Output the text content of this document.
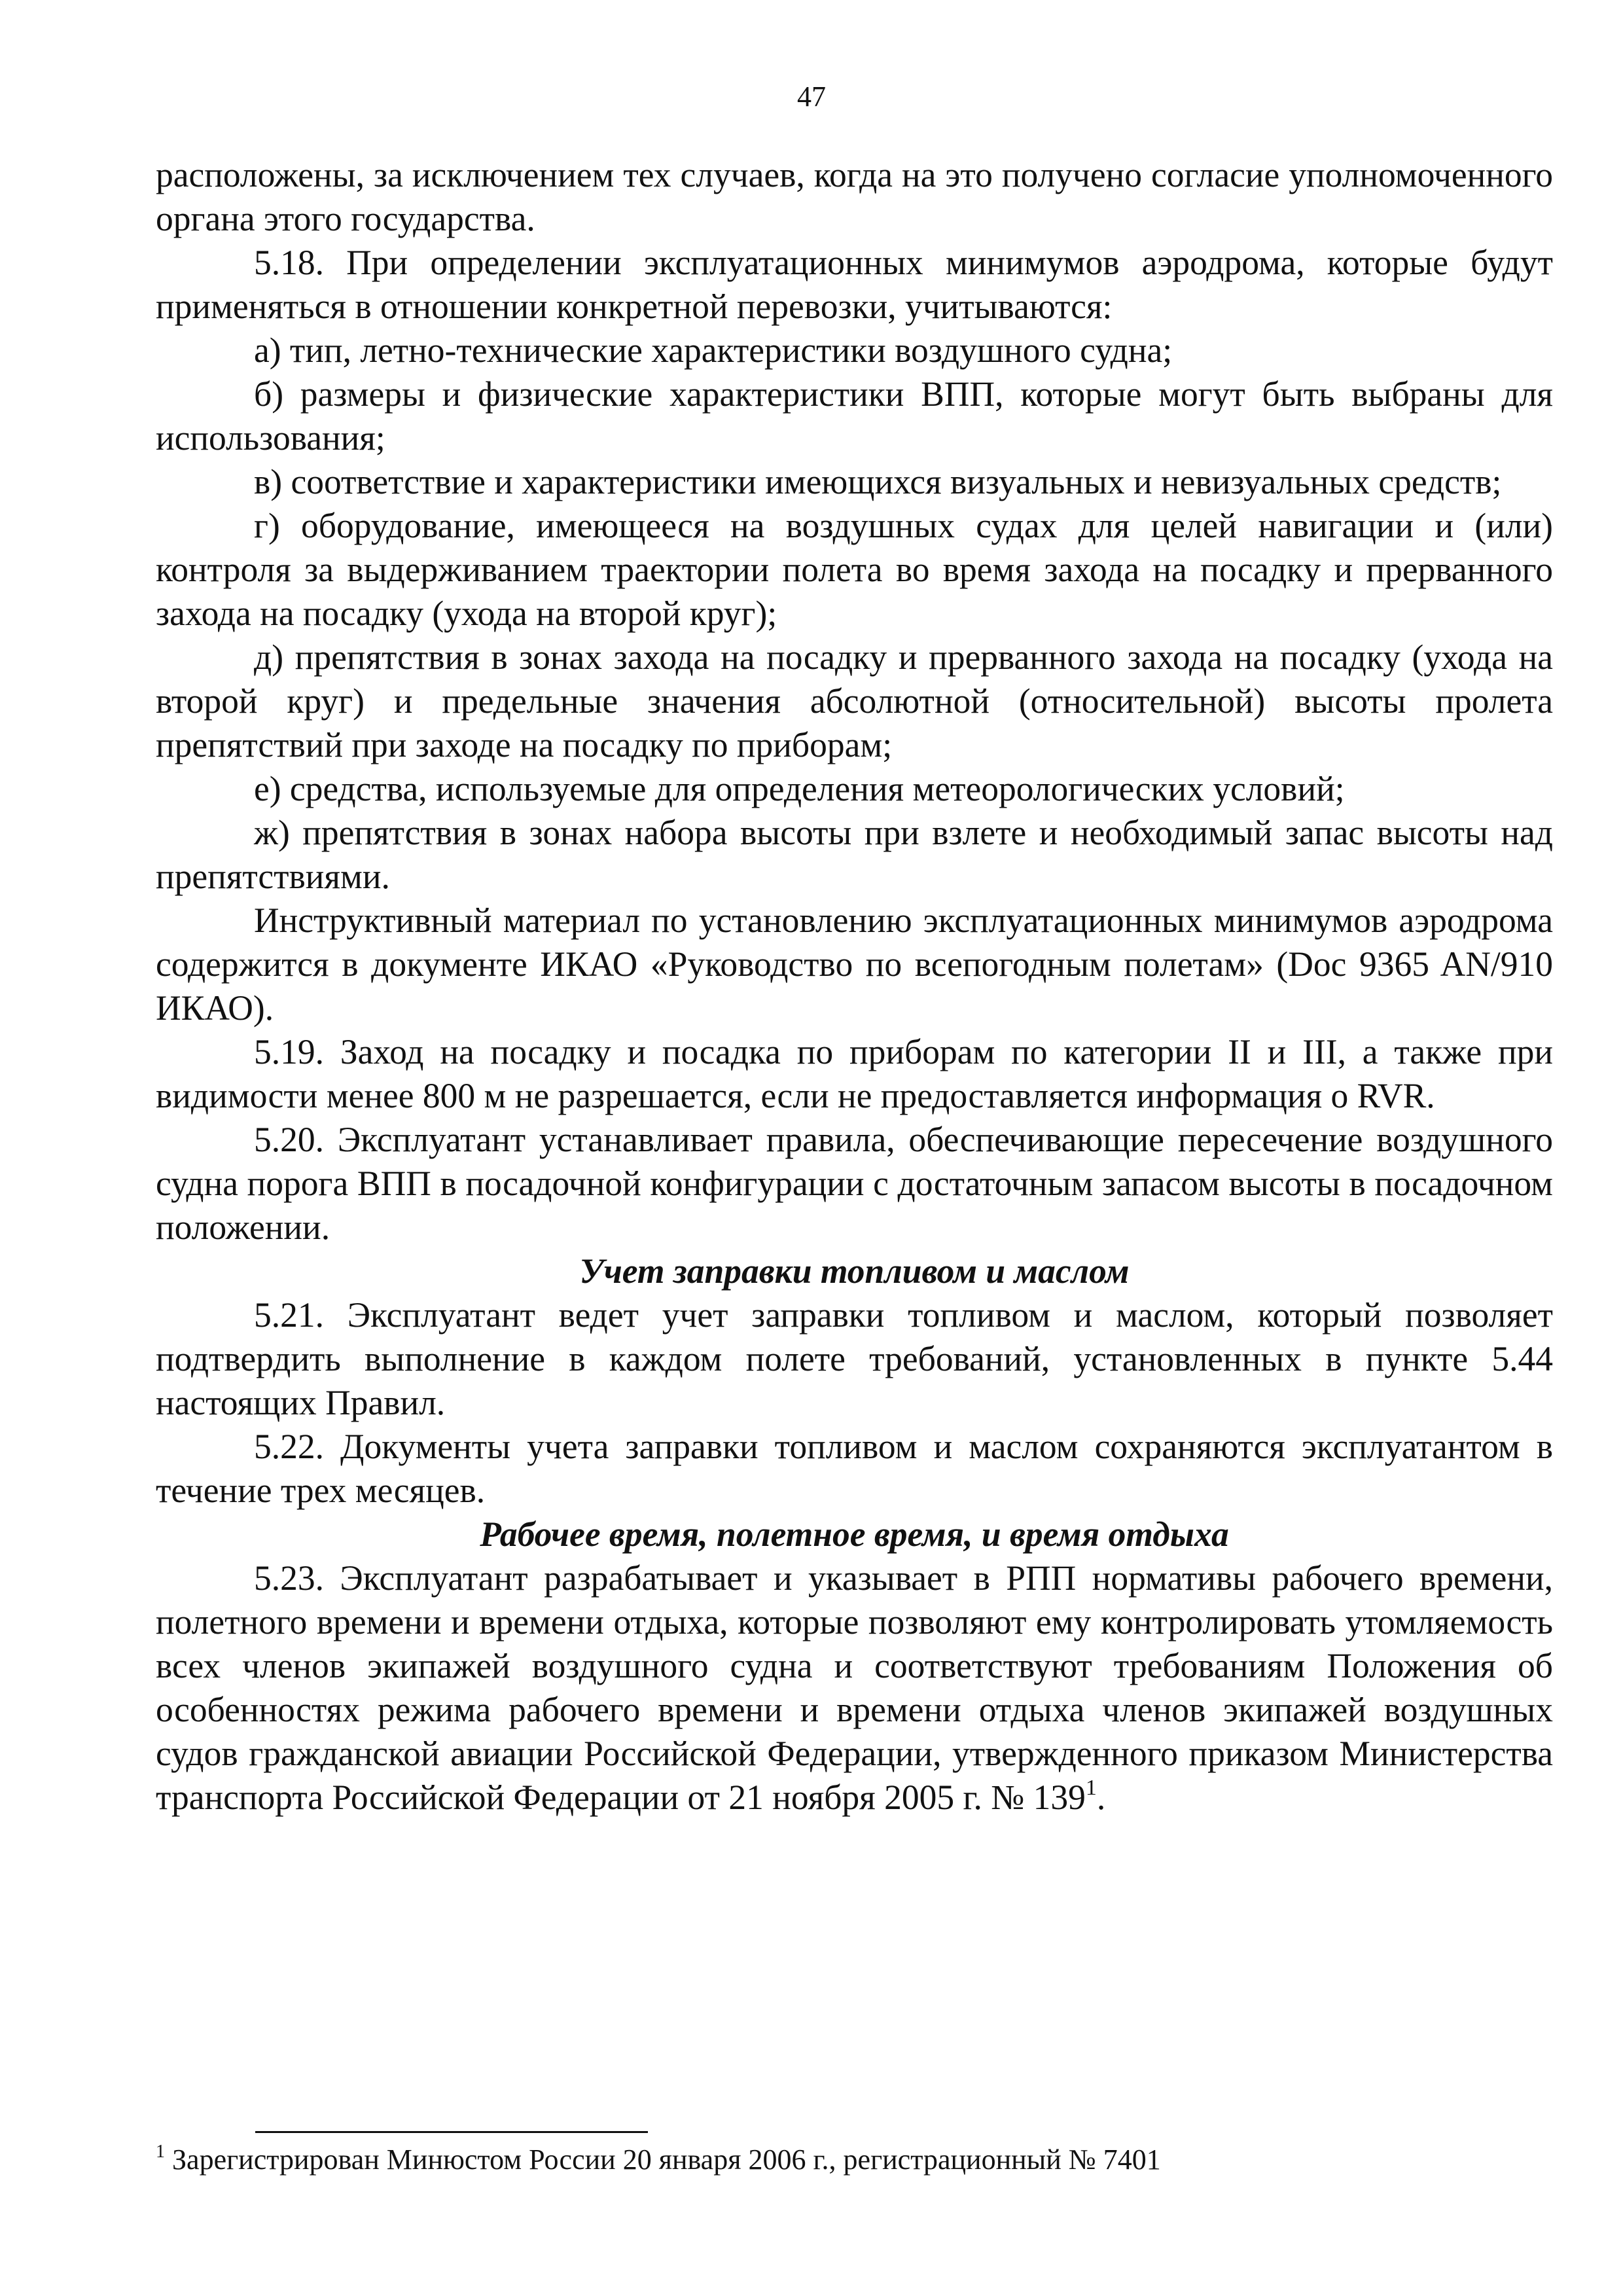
47

расположены, за исключением тех случаев, когда на это получено согласие уполномоченного органа этого государства.

5.18. При определении эксплуатационных минимумов аэродрома, которые будут применяться в отношении конкретной перевозки, учитываются:

а) тип, летно-технические характеристики воздушного судна;

б) размеры и физические характеристики ВПП, которые могут быть выбраны для использования;

в) соответствие и характеристики имеющихся визуальных и невизуальных средств;

г) оборудование, имеющееся на воздушных судах для целей навигации и (или) контроля за выдерживанием траектории полета во время захода на посадку и прерванного захода на посадку (ухода на второй круг);

д) препятствия в зонах захода на посадку и прерванного захода на посадку (ухода на второй круг) и предельные значения абсолютной (относительной) высоты пролета препятствий при заходе на посадку по приборам;

е) средства, используемые для определения метеорологических условий;

ж) препятствия в зонах набора высоты при взлете и необходимый запас высоты над препятствиями.

Инструктивный материал по установлению эксплуатационных минимумов аэродрома содержится в документе ИКАО «Руководство по всепогодным полетам» (Doc 9365 AN/910 ИКАО).

5.19. Заход на посадку и посадка по приборам по категории II и III, а также при видимости менее 800 м не разрешается, если не предоставляется информация о RVR.

5.20. Эксплуатант устанавливает правила, обеспечивающие пересечение воздушного судна порога ВПП в посадочной конфигурации с достаточным запасом высоты в посадочном положении.

Учет заправки топливом и маслом

5.21. Эксплуатант ведет учет заправки топливом и маслом, который позволяет подтвердить выполнение в каждом полете требований, установленных в пункте 5.44 настоящих Правил.

5.22. Документы учета заправки топливом и маслом сохраняются эксплуатантом в течение трех месяцев.

Рабочее время, полетное время, и время отдыха

5.23. Эксплуатант разрабатывает и указывает в РПП нормативы рабочего времени, полетного времени и времени отдыха, которые позволяют ему контролировать утомляемость всех членов экипажей воздушного судна и соответствуют требованиям Положения об особенностях режима рабочего времени и времени отдыха членов экипажей воздушных судов гражданской авиации Российской Федерации, утвержденного приказом Министерства транспорта Российской Федерации от 21 ноября 2005 г. № $139^1$.

$^1$ Зарегистрирован Минюстом России 20 января 2006 г., регистрационный № 7401
